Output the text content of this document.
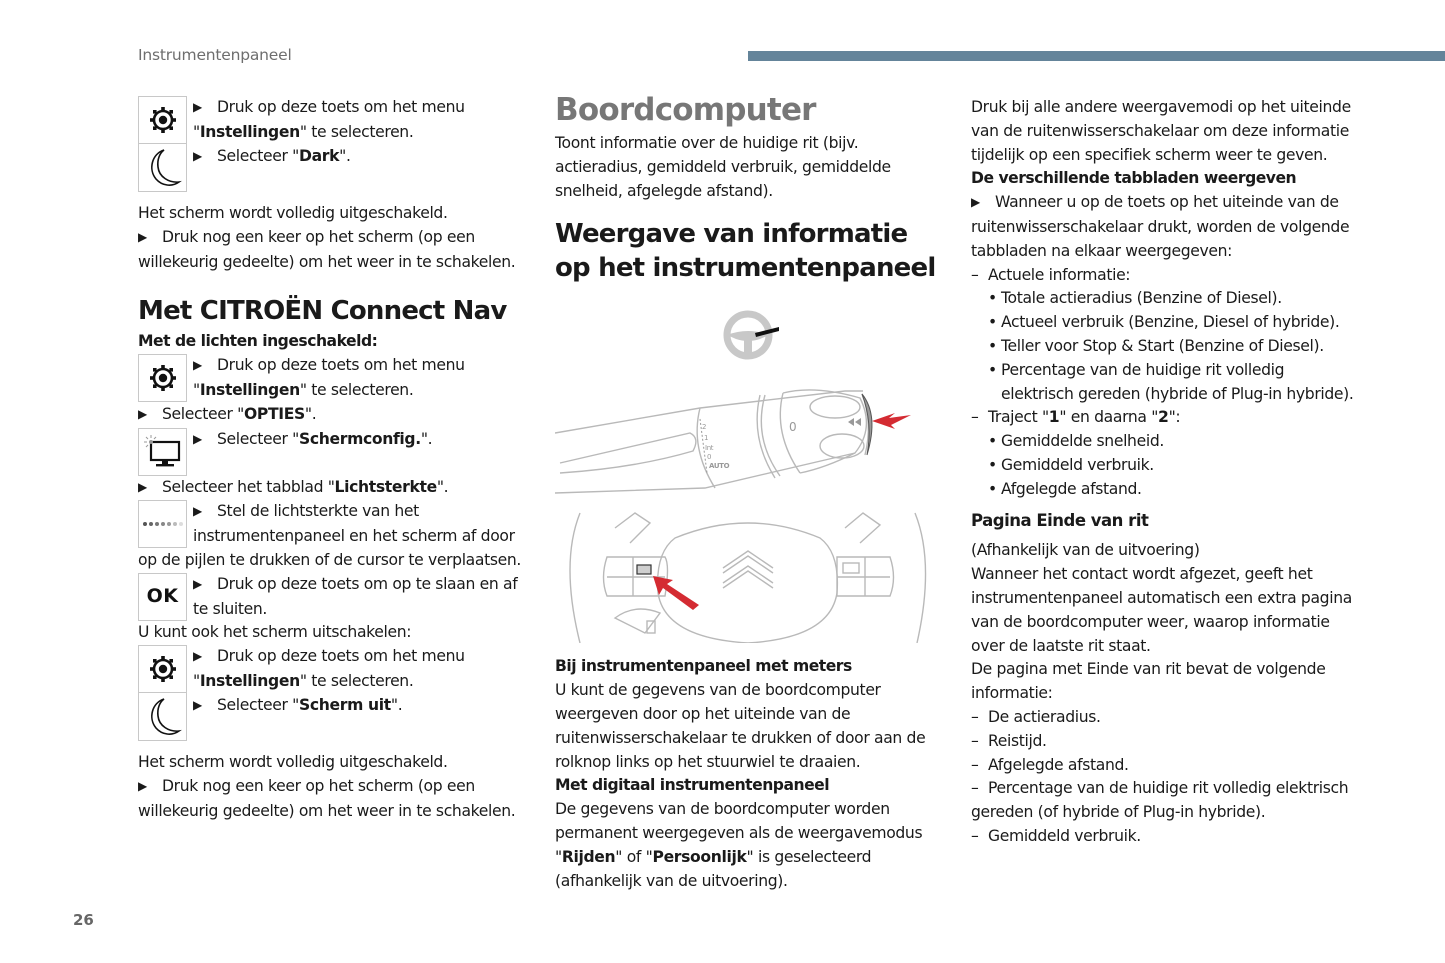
Instrumentenpaneel

▶ Druk op deze toets om het menu "Instellingen" te selecteren.

▶ Selecteer "Dark".

Het scherm wordt volledig uitgeschakeld.

▶ Druk nog een keer op het scherm (op een willekeurig gedeelte) om het weer in te schakelen.

Met CITROËN Connect Nav

Met de lichten ingeschakeld:

▶ Druk op deze toets om het menu "Instellingen" te selecteren.

▶ Selecteer "OPTIES".

▶ Selecteer "Schermconfig.".

▶ Selecteer het tabblad "Lichtsterkte".

▶ Stel de lichtsterkte van het instrumentenpaneel en het scherm af door

op de pijlen te drukken of de cursor te verplaatsen.

OK

▶ Druk op deze toets om op te slaan en af te sluiten.

U kunt ook het scherm uitschakelen:

▶ Druk op deze toets om het menu "Instellingen" te selecteren.

▶ Selecteer "Scherm uit".

Het scherm wordt volledig uitgeschakeld.

▶ Druk nog een keer op het scherm (op een willekeurig gedeelte) om het weer in te schakelen.

Boordcomputer

Toont informatie over de huidige rit (bijv. actieradius, gemiddeld verbruik, gemiddelde snelheid, afgelegde afstand).

Weergave van informatie op het instrumentenpaneel
2
1
Int
0
AUTO
0

Bij instrumentenpaneel met meters

U kunt de gegevens van de boordcomputer weergeven door op het uiteinde van de ruitenwisserschakelaar te drukken of door aan de rolknop links op het stuurwiel te draaien.

Met digitaal instrumentenpaneel

De gegevens van de boordcomputer worden permanent weergegeven als de weergavemodus "Rijden" of "Persoonlijk" is geselecteerd (afhankelijk van de uitvoering).

Druk bij alle andere weergavemodi op het uiteinde van de ruitenwisserschakelaar om deze informatie tijdelijk op een specifiek scherm weer te geven.

De verschillende tabbladen weergeven

▶ Wanneer u op de toets op het uiteinde van de ruitenwisserschakelaar drukt, worden de volgende tabbladen na elkaar weergegeven:

– Actuele informatie:

• Totale actieradius (Benzine of Diesel).

• Actueel verbruik (Benzine, Diesel of hybride).

• Teller voor Stop & Start (Benzine of Diesel).

• Percentage van de huidige rit volledig elektrisch gereden (hybride of Plug-in hybride).

– Traject "1" en daarna "2":

• Gemiddelde snelheid.

• Gemiddeld verbruik.

• Afgelegde afstand.

Pagina Einde van rit

(Afhankelijk van de uitvoering)

Wanneer het contact wordt afgezet, geeft het instrumentenpaneel automatisch een extra pagina van de boordcomputer weer, waarop informatie over de laatste rit staat.

De pagina met Einde van rit bevat de volgende informatie:

– De actieradius.

– Reistijd.

– Afgelegde afstand.

– Percentage van de huidige rit volledig elektrisch gereden (of hybride of Plug-in hybride).

– Gemiddeld verbruik.

26
